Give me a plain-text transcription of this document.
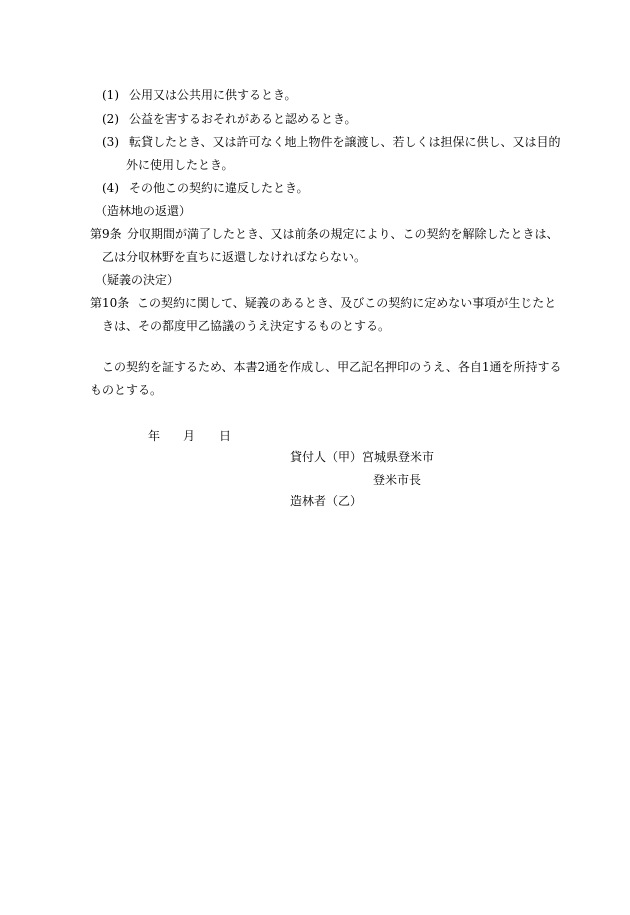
(1) 公用又は公共用に供するとき。
(2) 公益を害するおそれがあると認めるとき。
(3) 転貸したとき、又は許可なく地上物件を譲渡し、若しくは担保に供し、又は目的
外に使用したとき。
(4) その他この契約に違反したとき。
（造林地の返還）
第9条 分収期間が満了したとき、又は前条の規定により、この契約を解除したときは、
乙は分収林野を直ちに返還しなければならない。
（疑義の決定）
第10条 この契約に関して、疑義のあるとき、及びこの契約に定めない事項が生じたと
きは、その都度甲乙協議のうえ決定するものとする。
この契約を証するため、本書2通を作成し、甲乙記名押印のうえ、各自1通を所持する
ものとする。
年 月 日
貸付人（甲）宮城県登米市
登米市長
造林者（乙）
